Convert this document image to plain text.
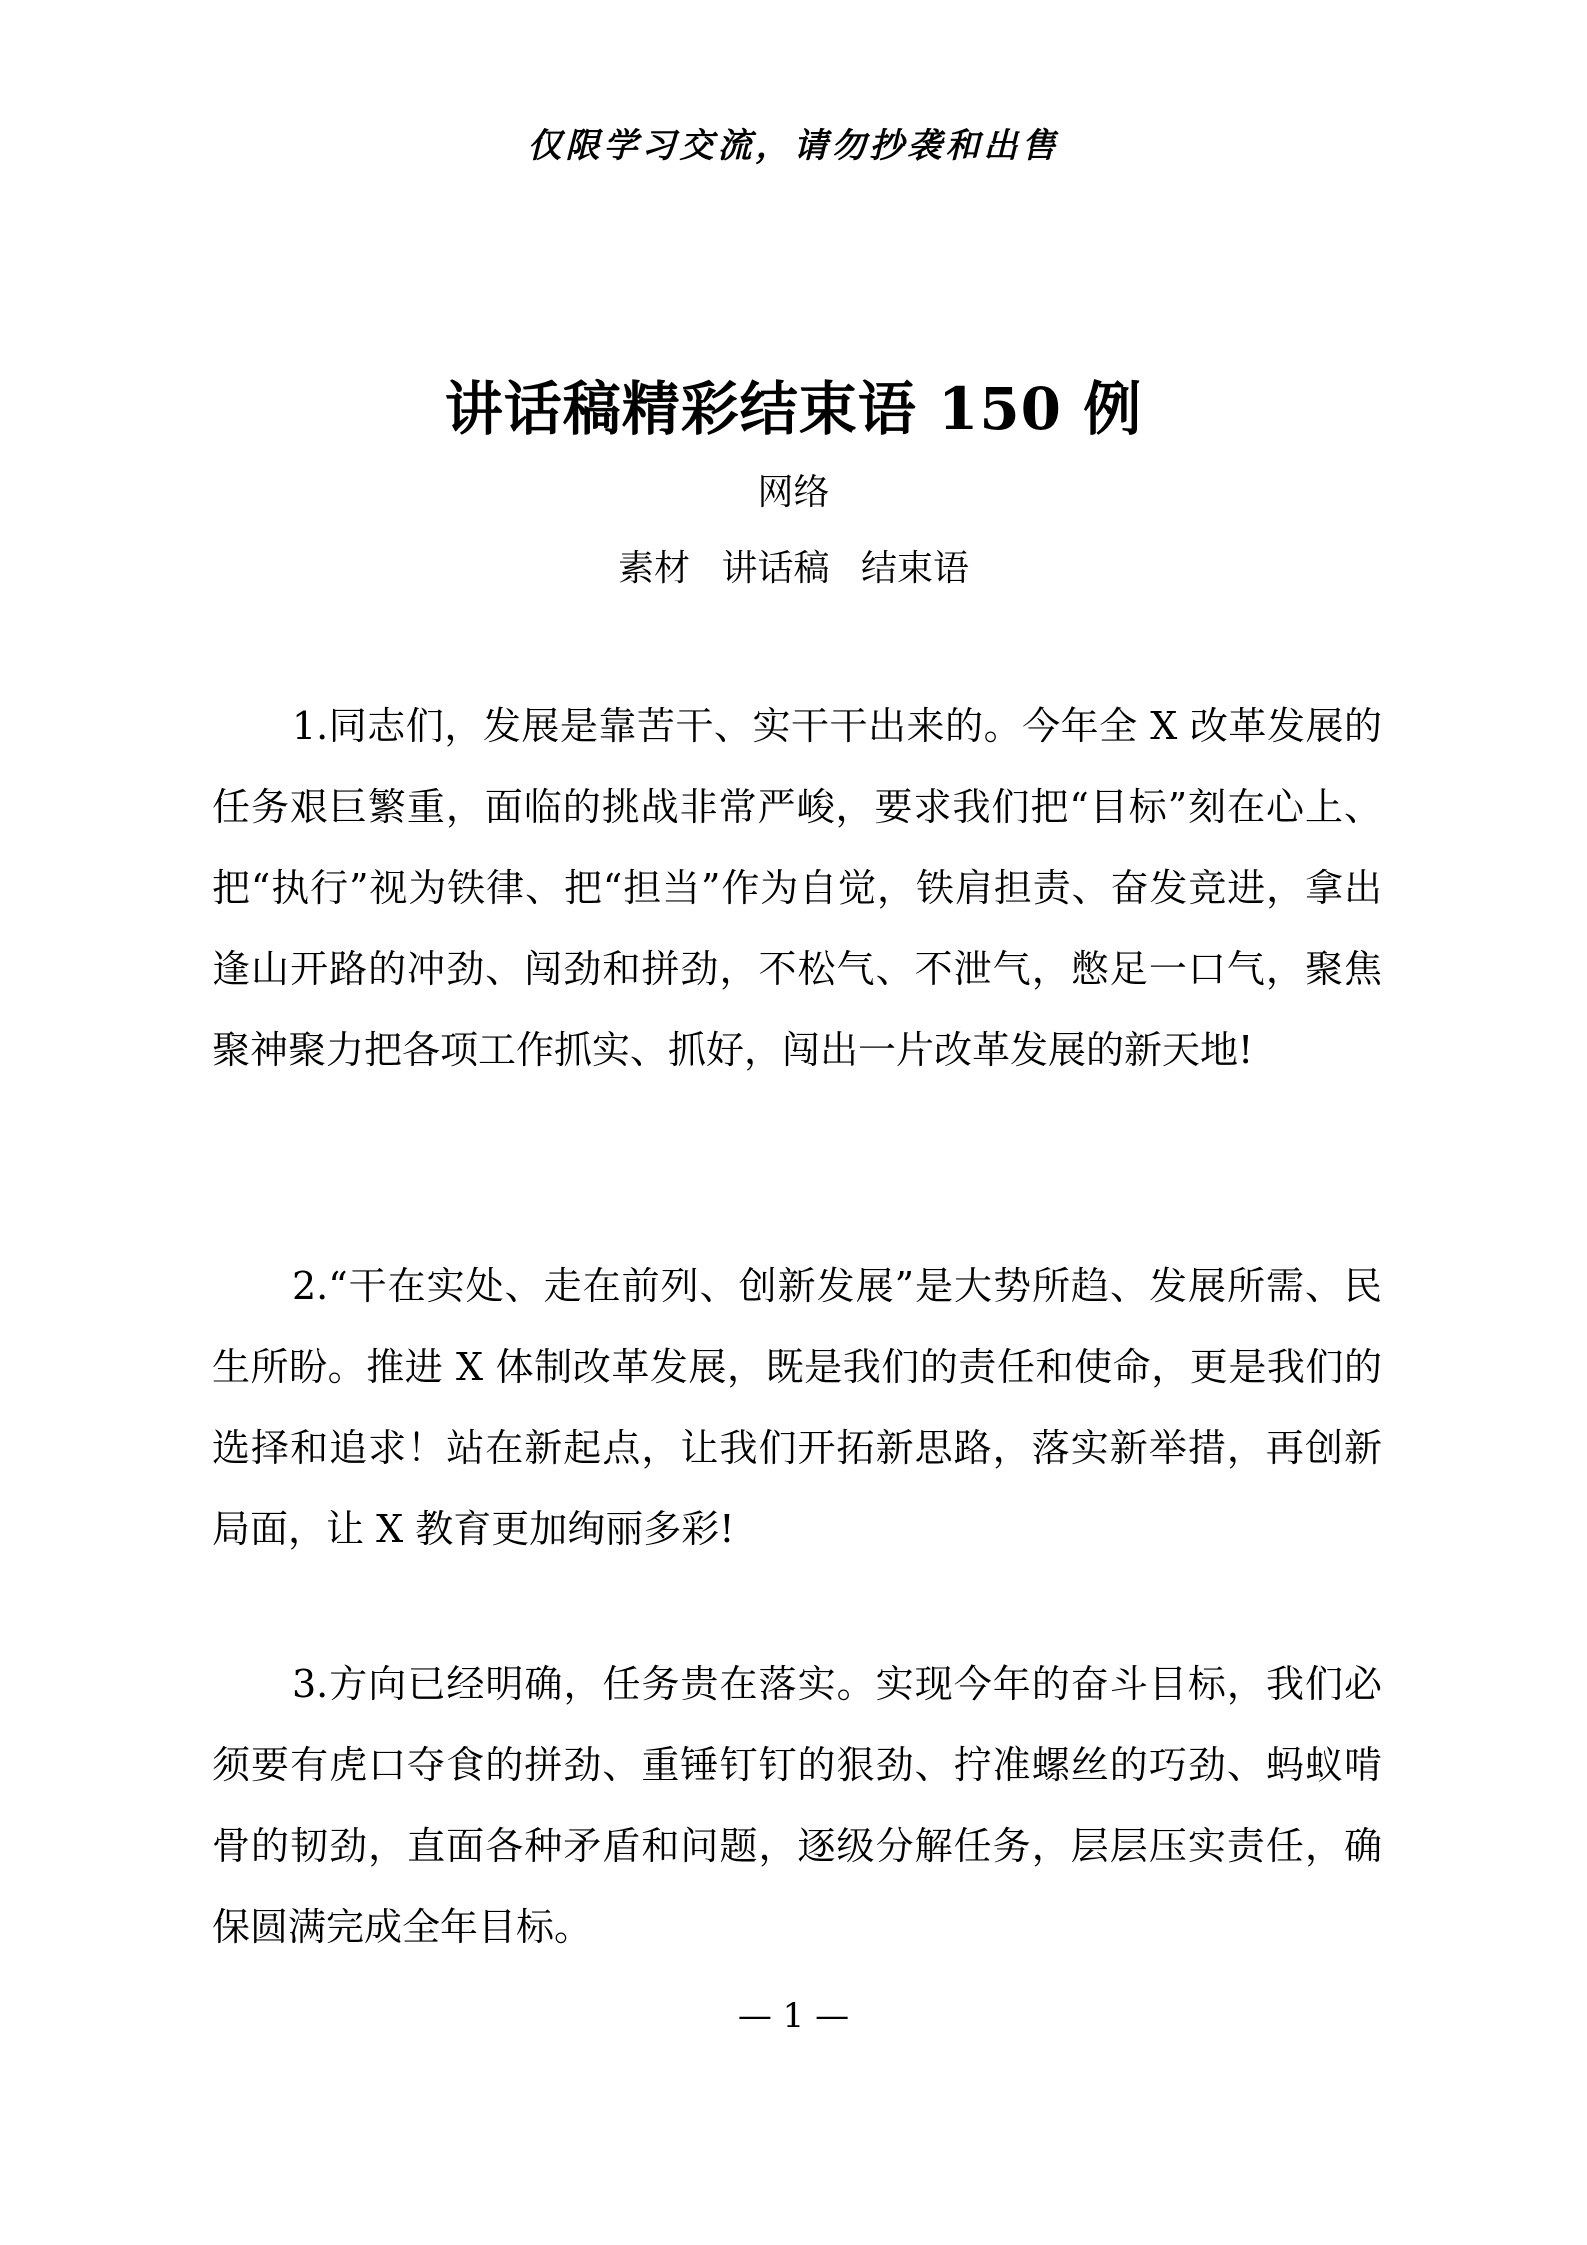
仅限学习交流，请勿抄袭和出售
讲话稿精彩结束语 150 例
网络
素材 讲话稿 结束语

1.同志们，发展是靠苦干、实干干出来的。今年全 X 改革发展的任务艰巨繁重，面临的挑战非常严峻，要求我们把“目标”刻在心上、把“执行”视为铁律、把“担当”作为自觉，铁肩担责、奋发竞进，拿出逢山开路的冲劲、闯劲和拼劲，不松气、不泄气，憋足一口气，聚焦聚神聚力把各项工作抓实、抓好，闯出一片改革发展的新天地!

2.“干在实处、走在前列、创新发展”是大势所趋、发展所需、民生所盼。推进 X 体制改革发展，既是我们的责任和使命，更是我们的选择和追求！站在新起点，让我们开拓新思路，落实新举措，再创新局面，让 X 教育更加绚丽多彩!

3.方向已经明确，任务贵在落实。实现今年的奋斗目标，我们必须要有虎口夺食的拼劲、重锤钉钉的狠劲、拧准螺丝的巧劲、蚂蚁啃骨的韧劲，直面各种矛盾和问题，逐级分解任务，层层压实责任，确保圆满完成全年目标。

— 1 —
